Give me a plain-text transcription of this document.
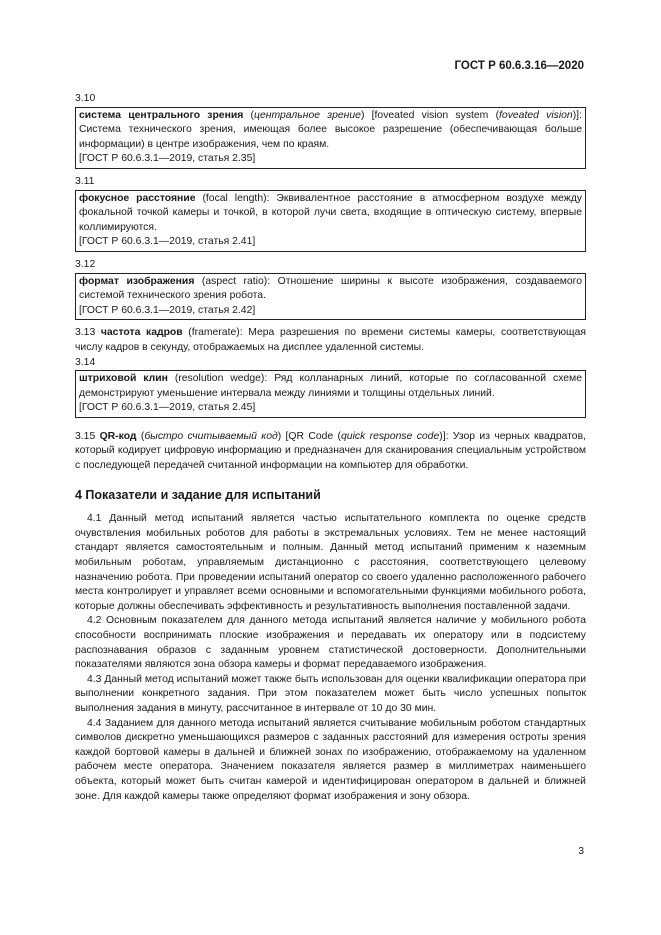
ГОСТ Р 60.6.3.16—2020
3.10

система центрального зрения (центральное зрение) [foveated vision system (foveated vision)]: Система технического зрения, имеющая более высокое разрешение (обеспечивающая больше информации) в центре изображения, чем по краям.

[ГОСТ Р 60.6.3.1—2019, статья 2.35]

3.11

фокусное расстояние (focal length): Эквивалентное расстояние в атмосферном воздухе между фокальной точкой камеры и точкой, в которой лучи света, входящие в оптическую систему, впервые коллимируются.

[ГОСТ Р 60.6.3.1—2019, статья 2.41]

3.12

формат изображения (aspect ratio): Отношение ширины к высоте изображения, создаваемого системой технического зрения робота.

[ГОСТ Р 60.6.3.1—2019, статья 2.42]

3.13 частота кадров (framerate): Мера разрешения по времени системы камеры, соответствующая числу кадров в секунду, отображаемых на дисплее удаленной системы.

3.14

штриховой клин (resolution wedge): Ряд колланарных линий, которые по согласованной схеме демонстрируют уменьшение интервала между линиями и толщины отдельных линий.

[ГОСТ Р 60.6.3.1—2019, статья 2.45]

3.15 QR-код (быстро считываемый код) [QR Code (quick response code)]: Узор из черных квадратов, который кодирует цифровую информацию и предназначен для сканирования специальным устройством с последующей передачей считанной информации на компьютер для обработки.

4 Показатели и задание для испытаний

4.1 Данный метод испытаний является частью испытательного комплекта по оценке средств очувствления мобильных роботов для работы в экстремальных условиях. Тем не менее настоящий стандарт является самостоятельным и полным. Данный метод испытаний применим к наземным мобильным роботам, управляемым дистанционно с расстояния, соответствующего целевому назначению робота. При проведении испытаний оператор со своего удаленно расположенного рабочего места контролирует и управляет всеми основными и вспомогательными функциями мобильного робота, которые должны обеспечивать эффективность и результативность выполнения поставленной задачи.

4.2 Основным показателем для данного метода испытаний является наличие у мобильного робота способности воспринимать плоские изображения и передавать их оператору или в подсистему распознавания образов с заданным уровнем статистической достоверности. Дополнительными показателями являются зона обзора камеры и формат передаваемого изображения.

4.3 Данный метод испытаний может также быть использован для оценки квалификации оператора при выполнении конкретного задания. При этом показателем может быть число успешных попыток выполнения задания в минуту, рассчитанное в интервале от 10 до 30 мин.

4.4 Заданием для данного метода испытаний является считывание мобильным роботом стандартных символов дискретно уменьшающихся размеров с заданных расстояний для измерения остроты зрения каждой бортовой камеры в дальней и ближней зонах по изображению, отображаемому на удаленном рабочем месте оператора. Значением показателя является размер в миллиметрах наименьшего объекта, который может быть считан камерой и идентифицирован оператором в дальней и ближней зоне. Для каждой камеры также определяют формат изображения и зону обзора.

3
